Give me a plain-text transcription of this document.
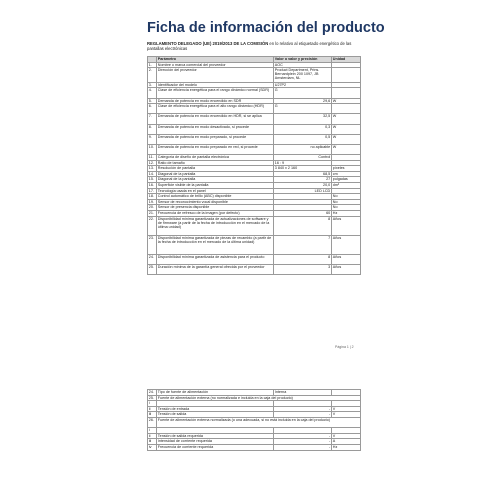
Ficha de información del producto
REGLAMENTO DELEGADO (UE) 2019/2013 DE LA COMISIÓN en lo relativo al etiquetado energético de las pantallas electrónicas
	Parámetro	Valor o valor y precisión	Unidad
1.	Nombre o marca comercial del proveedor	AOC	
2.	Dirección del proveedor	Product Department, Prins. Bernardplein 200 1097, JB Amsterdam, NL	
3.	Identificador del modelo	U27P2	
4.	Clase de eficiencia energética para el rango dinámico normal (SDR)	G	
5.	Demanda de potencia en modo encendido en SDR	29,6	W
6.	Clase de eficiencia energética para el alto rango dinámico (HDR)	G	
7.	Demanda de potencia en modo encendido en HDR, si se aplica	32,5	W
8.	Demanda de potencia en modo desactivado, si procede	0,3	W
9.	Demanda de potencia en modo preparado, si procede	0,5	W
10.	Demanda de potencia en modo preparado en red, si procede	no aplicable	W
11.	Categoría de diseño de pantalla electrónica	Control	
12.	Ratio de tamaño	16 : 9	
13.	Resolución de pantalla	3 840 x 2 160	píxeles
14.	Diagonal de la pantalla	68,5	cm
15.	Diagonal de la pantalla	27	pulgadas
16.	Superficie visible de la pantalla	20,0	dm²
17.	Tecnología usada en el panel	LED LCD	
18.	Control automático de brillo (ABC) disponible		No
19.	Sensor de reconocimiento vocal disponible		No
20.	Sensor de presencia disponible		No
21.	Frecuencia de refresco de la imagen (por defecto)	60	Hz
22.	Disponibilidad mínima garantizada de actualizaciones de software y de firmware (a partir de la fecha de introducción en el mercado de la última unidad)	8	Años
23.	Disponibilidad mínima garantizada de piezas de recambio (a partir de la fecha de introducción en el mercado de la última unidad)	7	Años
24.	Disponibilidad mínima garantizada de asistencia para el producto	8	Años
25.	Duración mínima de la garantía general ofrecida por el proveedor	3	Años
Página 1 | 2
24.	Tipo de fuente de alimentación	Interna	
25.	Fuente de alimentación externa (no normalizada e incluida en la caja del producto)		
i			
ii	Tensión de entrada	-	V
iii	Tensión de salida	-	V
26.	Fuente de alimentación externa normalizada (o una adecuada, si no está incluida en la caja del producto)		
i			
ii	Tensión de salida requerida	-	V
iii	Intensidad de corriente requerida	-	A
iv	Frecuencia de corriente requerida	-	Hz
